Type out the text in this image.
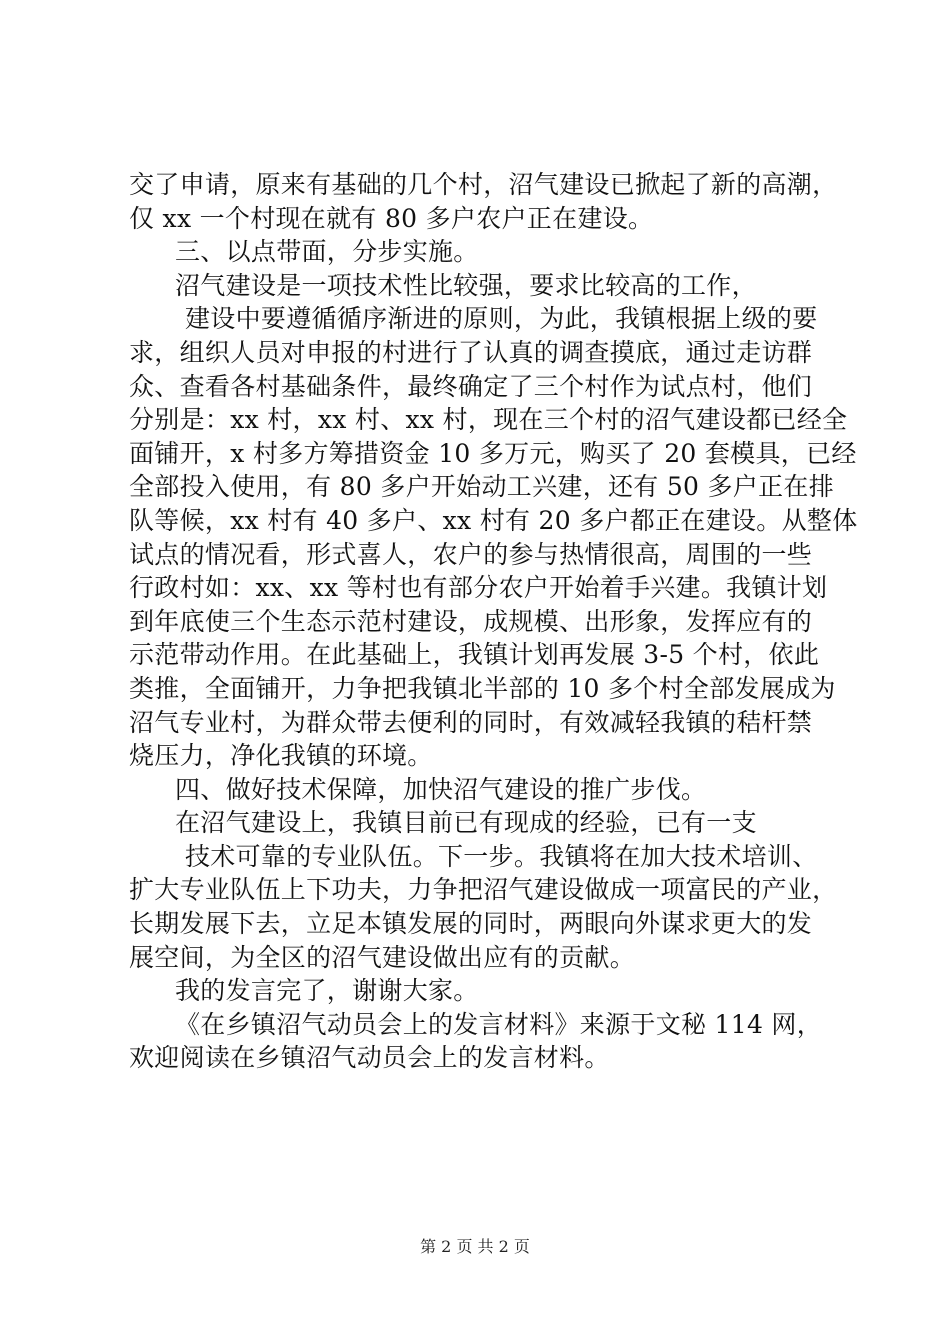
交了申请，原来有基础的几个村，沼气建设已掀起了新的高潮，
仅 xx 一个村现在就有 80 多户农户正在建设。
三、以点带面，分步实施。
沼气建设是一项技术性比较强，要求比较高的工作，
建设中要遵循循序渐进的原则，为此，我镇根据上级的要
求，组织人员对申报的村进行了认真的调查摸底，通过走访群
众、查看各村基础条件，最终确定了三个村作为试点村，他们
分别是：xx 村，xx 村、xx 村，现在三个村的沼气建设都已经全
面铺开，x 村多方筹措资金 10 多万元，购买了 20 套模具，已经
全部投入使用，有 80 多户开始动工兴建，还有 50 多户正在排
队等候，xx 村有 40 多户、xx 村有 20 多户都正在建设。从整体
试点的情况看，形式喜人，农户的参与热情很高，周围的一些
行政村如：xx、xx 等村也有部分农户开始着手兴建。我镇计划
到年底使三个生态示范村建设，成规模、出形象，发挥应有的
示范带动作用。在此基础上，我镇计划再发展 3-5 个村，依此
类推，全面铺开，力争把我镇北半部的 10 多个村全部发展成为
沼气专业村，为群众带去便利的同时，有效减轻我镇的秸杆禁
烧压力，净化我镇的环境。
四、做好技术保障，加快沼气建设的推广步伐。
在沼气建设上，我镇目前已有现成的经验，已有一支
技术可靠的专业队伍。下一步。我镇将在加大技术培训、
扩大专业队伍上下功夫，力争把沼气建设做成一项富民的产业，
长期发展下去，立足本镇发展的同时，两眼向外谋求更大的发
展空间，为全区的沼气建设做出应有的贡献。
我的发言完了，谢谢大家。
《在乡镇沼气动员会上的发言材料》来源于文秘 114 网，
欢迎阅读在乡镇沼气动员会上的发言材料。
第 2 页 共 2 页
